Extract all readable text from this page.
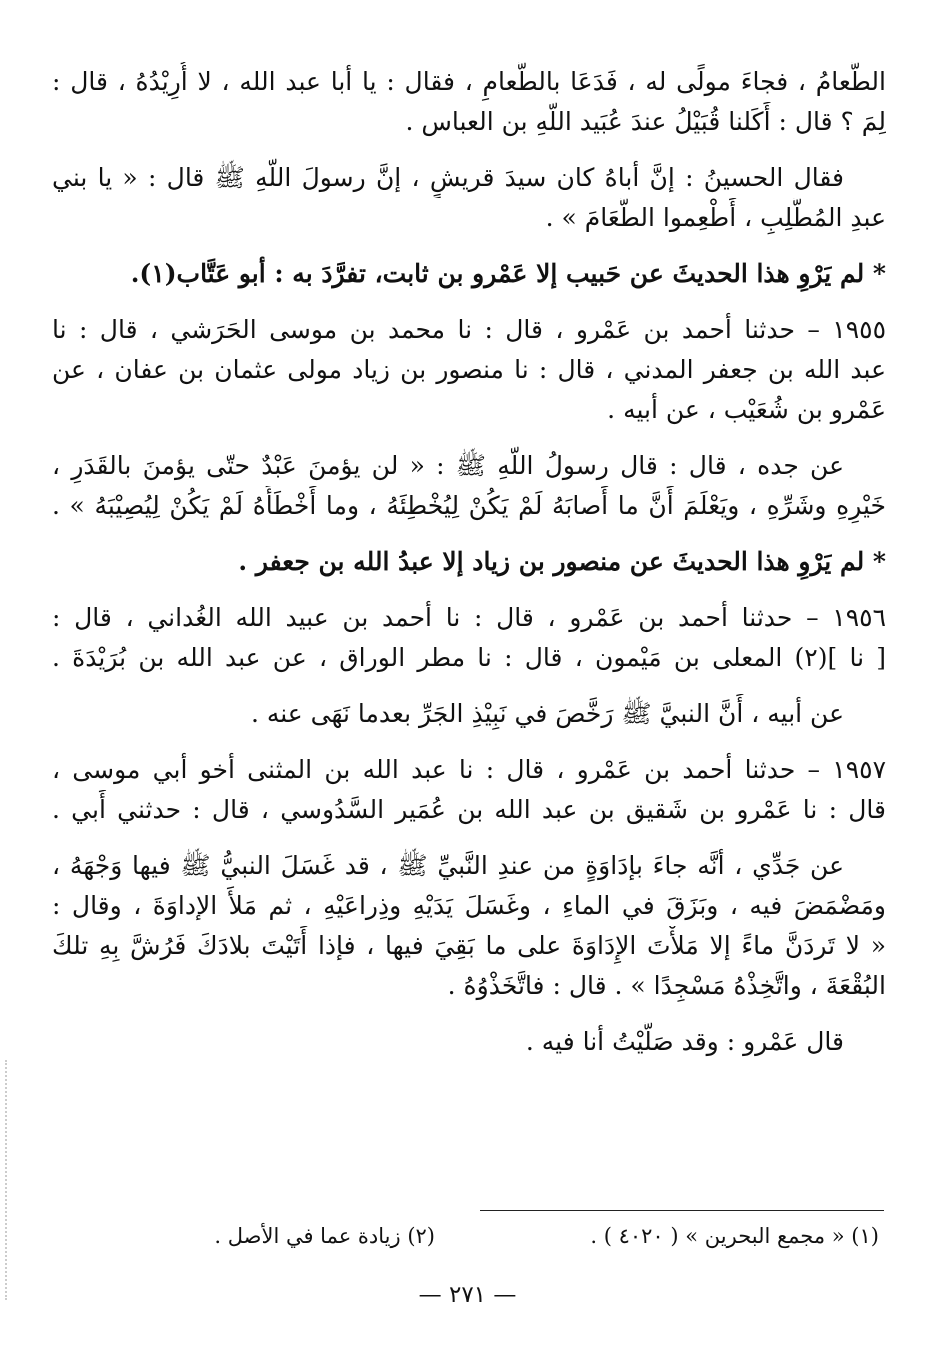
الطَّعامُ ، فجاءَ مولًى له ، فَدَعَا بالطَّعامِ ، فقال : يا أبا عبد الله ، لا أُرِيْدُهُ ، قال :

لِمَ ؟ قال : أَكَلنا قُبَيْلُ عندَ عُبَيد اللّهِ بن العباس .

فقال الحسينُ : إنَّ أباهُ كان سيدَ قريشٍ ، إنَّ رسولَ اللّهِ ﷺ قال : « يا بني

عبدِ المُطَّلِبِ ، أَطْعِموا الطَّعَامَ » .

* لم يَرْوِ هذا الحديثَ عن حَبيب إلا عَمْرو بن ثابت، تفرَّدَ به : أبو عَتَّاب(١).

١٩٥٥ – حدثنا أحمد بن عَمْرو ، قال : نا محمد بن موسى الحَرَشي ، قال : نا

عبد الله بن جعفر المدني ، قال : نا منصور بن زياد مولى عثمان بن عفان ، عن

عَمْرو بن شُعَيْب ، عن أبيه .

عن جده ، قال : قال رسولُ اللّهِ ﷺ : « لن يؤمنَ عَبْدٌ حتّى يؤمنَ بالقَدَرِ ،

خَيْرِهِ وشَرِّهِ ، ويَعْلَمَ أَنَّ ما أَصابَهُ لَمْ يَكُنْ لِيُخْطِئَهُ ، وما أَخْطَأَهُ لَمْ يَكُنْ لِيُصِيْبَهُ » .

* لم يَرْوِ هذا الحديثَ عن منصور بن زياد إلا عبدُ الله بن جعفر .

١٩٥٦ – حدثنا أحمد بن عَمْرو ، قال : نا أحمد بن عبيد الله الغُداني ، قال :

[ نا ](٢) المعلى بن مَيْمون ، قال : نا مطر الوراق ، عن عبد الله بن بُرَيْدَةَ .

عن أبيه ، أَنَّ النبيَّ ﷺ رَخَّصَ في نَبِيْذِ الجَرِّ بعدما نَهَى عنه .

١٩٥٧ – حدثنا أحمد بن عَمْرو ، قال : نا عبد الله بن المثنى أخو أبي موسى ،

قال : نا عَمْرو بن شَقيق بن عبد الله بن عُمَير السَّدُوسي ، قال : حدثني أَبي .

عن جَدِّي ، أنَّه جاءَ بإدَاوَةٍ من عندِ النَّبيِّ ﷺ ، قد غَسَلَ النبيُّ ﷺ فيها وَجْهَهُ ،

ومَضْمَضَ فيه ، وبَزَقَ في الماءِ ، وغَسَلَ يَدَيْهِ وذِراعَيْهِ ، ثم مَلأَ الإداوَةَ ، وقال :

« لا تَردَنَّ ماءً إلا مَلأْتَ الإِدَاوَةَ على ما بَقِيَ فيها ، فإذا أَتَيْتَ بلادَكَ فَرُشَّ بِهِ تلكَ

البُقْعَةَ ، واتَّخِذْهُ مَسْجِدًا » . قال : فاتَّخَذْوُهُ .

قال عَمْرو : وقد صَلَّيْتُ أنا فيه .

(١) « مجمع البحرين » ( ٤٠٢٠ ) .
(٢) زيادة عما في الأصل .
— ٢٧١ —
